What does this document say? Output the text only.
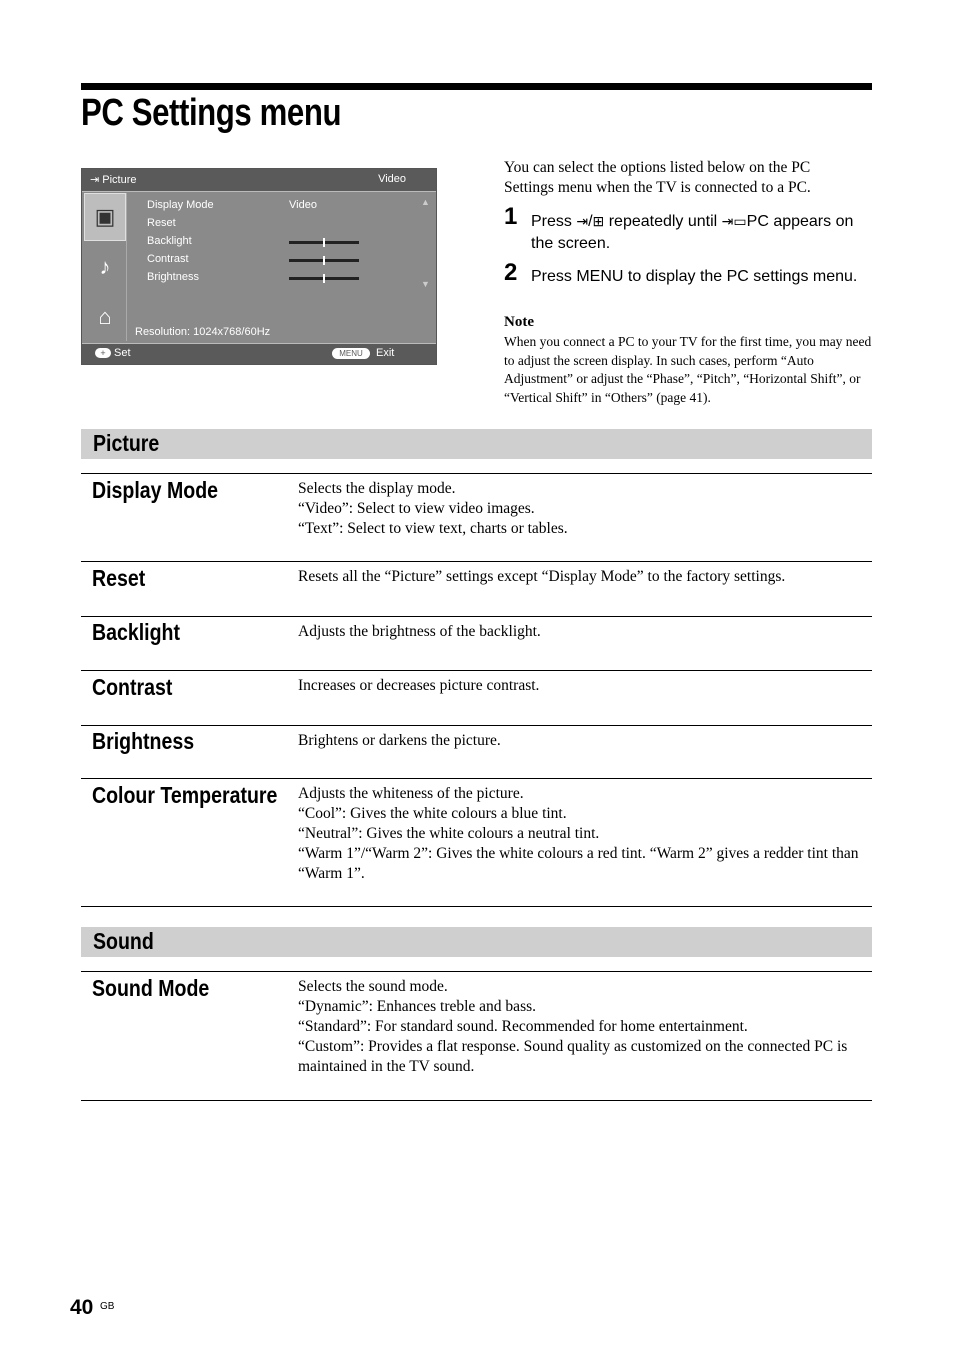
PC Settings menu
⇥ Picture	Video
▣
♪
⌂
Display Mode
Reset
Backlight
Contrast
Brightness
Video	▲
▼
Resolution: 1024x768/60Hz
+ Set	MENU	Exit
You can select the options listed below on the PC Settings menu when the TV is connected to a PC.
1 Press ⇥/⊞ repeatedly until ⇥▭PC appears on the screen.
2 Press MENU to display the PC settings menu.
Note
When you connect a PC to your TV for the first time, you may need to adjust the screen display. In such cases, perform “Auto Adjustment” or adjust the “Phase”, “Pitch”, “Horizontal Shift”, or “Vertical Shift” in “Others” (page 41).
Picture
Display Mode	Selects the display mode.
“Video”: Select to view video images.
“Text”: Select to view text, charts or tables.
Reset	Resets all the “Picture” settings except “Display Mode” to the factory settings.
Backlight	Adjusts the brightness of the backlight.
Contrast	Increases or decreases picture contrast.
Brightness	Brightens or darkens the picture.
Colour Temperature Adjusts the whiteness of the picture.
“Cool”: Gives the white colours a blue tint.
“Neutral”: Gives the white colours a neutral tint.
“Warm 1”/“Warm 2”: Gives the white colours a red tint. “Warm 2” gives a redder tint than “Warm 1”.
Sound
Sound Mode	Selects the sound mode.
“Dynamic”: Enhances treble and bass.
“Standard”: For standard sound. Recommended for home entertainment.
“Custom”: Provides a flat response. Sound quality as customized on the connected PC is maintained in the TV sound.
40 GB
